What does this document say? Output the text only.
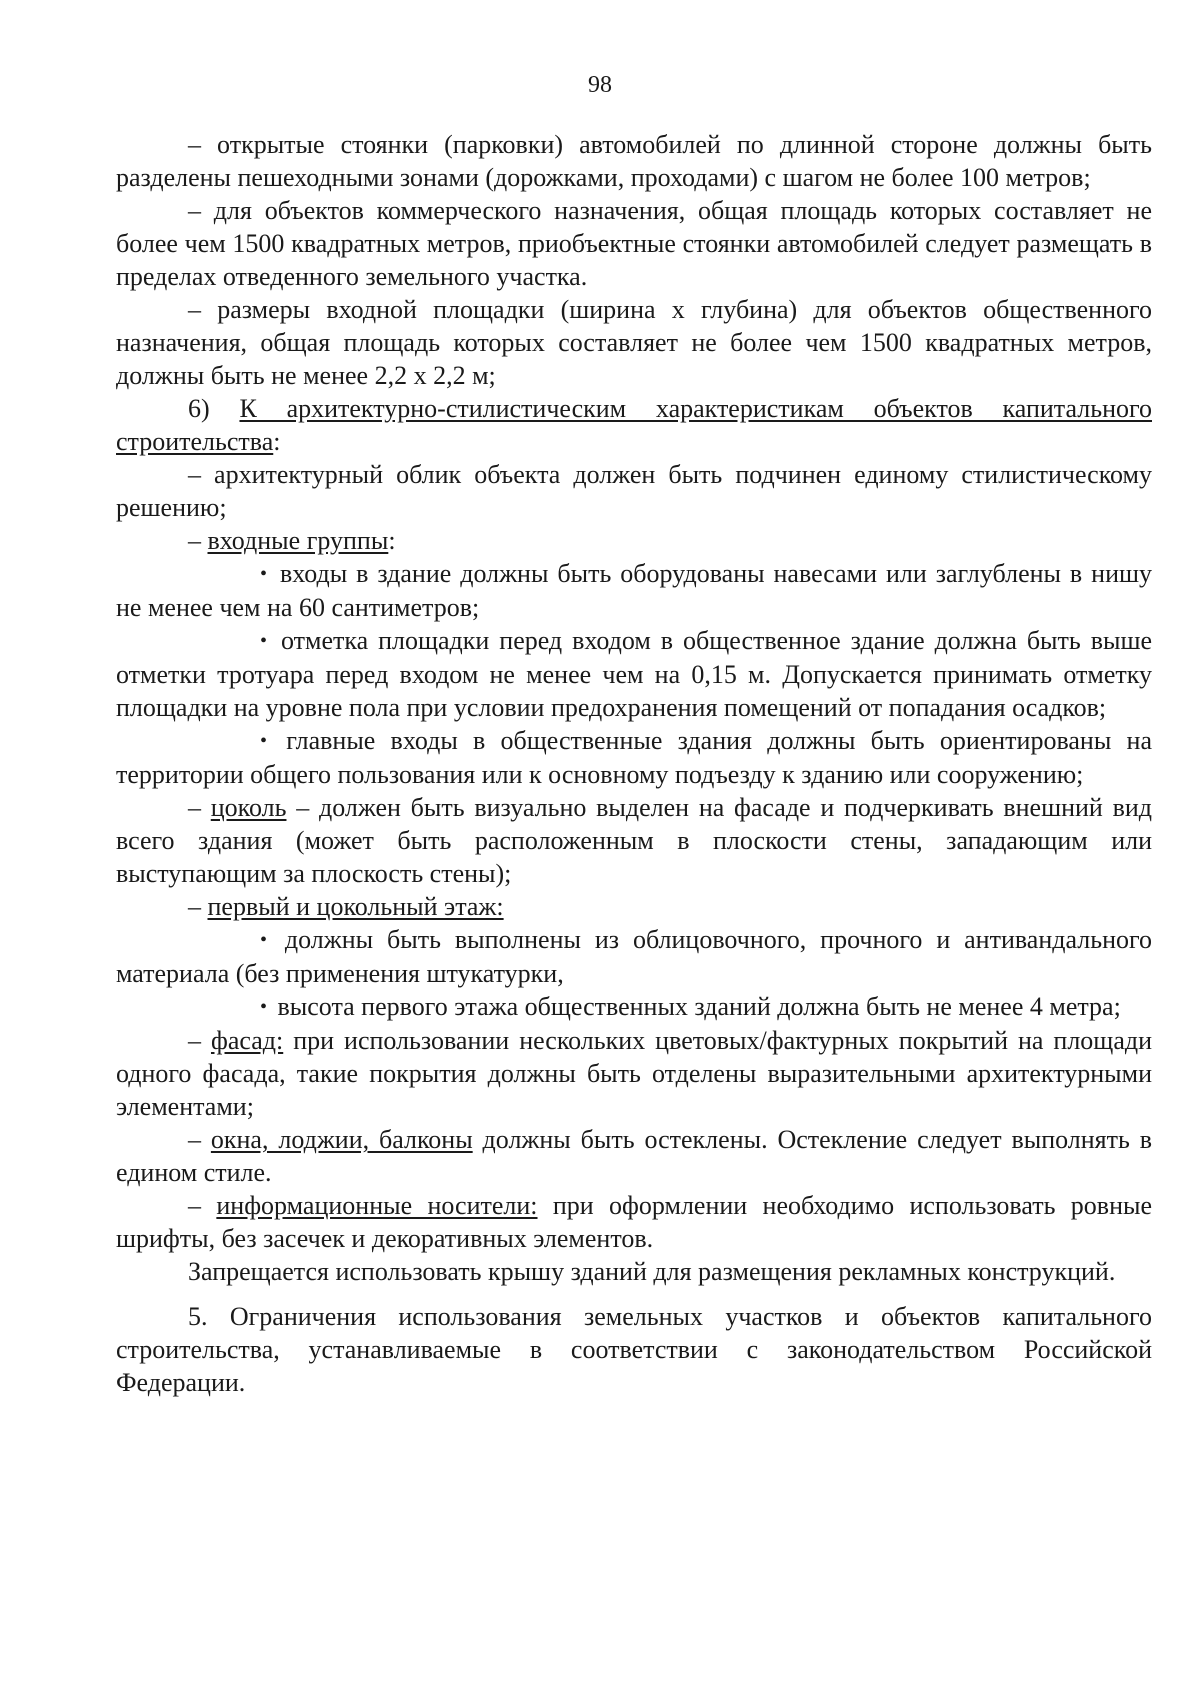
98

– открытые стоянки (парковки) автомобилей по длинной стороне должны быть разделены пешеходными зонами (дорожками, проходами) с шагом не более 100 метров;

– для объектов коммерческого назначения, общая площадь которых составляет не более чем 1500 квадратных метров, приобъектные стоянки автомобилей следует размещать в пределах отведенного земельного участка.

– размеры входной площадки (ширина х глубина) для объектов общественного назначения, общая площадь которых составляет не более чем 1500 квадратных метров, должны быть не менее 2,2 х 2,2 м;

6) К архитектурно-стилистическим характеристикам объектов капитального строительства:

– архитектурный облик объекта должен быть подчинен единому стилистическому решению;

– входные группы:

• входы в здание должны быть оборудованы навесами или заглублены в нишу не менее чем на 60 сантиметров;

• отметка площадки перед входом в общественное здание должна быть выше отметки тротуара перед входом не менее чем на 0,15 м. Допускается принимать отметку площадки на уровне пола при условии предохранения помещений от попадания осадков;

• главные входы в общественные здания должны быть ориентированы на территории общего пользования или к основному подъезду к зданию или сооружению;

– цоколь – должен быть визуально выделен на фасаде и подчеркивать внешний вид всего здания (может быть расположенным в плоскости стены, западающим или выступающим за плоскость стены);

– первый и цокольный этаж:

• должны быть выполнены из облицовочного, прочного и антивандального материала (без применения штукатурки,

• высота первого этажа общественных зданий должна быть не менее 4 метра;

– фасад: при использовании нескольких цветовых/фактурных покрытий на площади одного фасада, такие покрытия должны быть отделены выразительными архитектурными элементами;

– окна, лоджии, балконы должны быть остеклены. Остекление следует выполнять в едином стиле.

– информационные носители: при оформлении необходимо использовать ровные шрифты, без засечек и декоративных элементов.

Запрещается использовать крышу зданий для размещения рекламных конструкций.

5. Ограничения использования земельных участков и объектов капитального строительства, устанавливаемые в соответствии с законодательством Российской Федерации.
